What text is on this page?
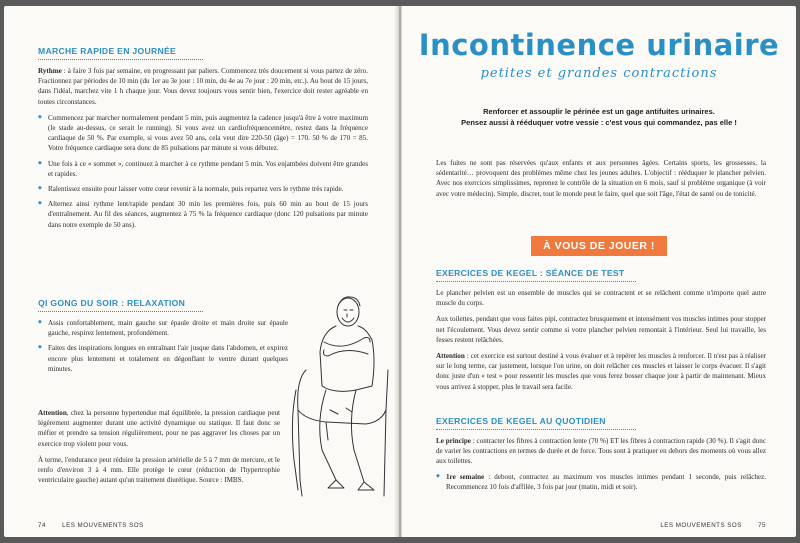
MARCHE RAPIDE EN JOURNÉE

Rythme : à faire 3 fois par semaine, en progressant par paliers. Commencez très doucement si vous partez de zéro. Fractionnez par périodes de 10 min (du 1er au 3e jour : 10 min, du 4e au 7e jour : 20 min, etc.). Au bout de 15 jours, dans l'idéal, marchez vite 1 h chaque jour. Vous devez toujours vous sentir bien, l'exercice doit rester agréable en toutes circonstances.

◆ Commencez par marcher normalement pendant 5 min, puis augmentez la cadence jusqu'à être à votre maximum (le stade au-dessus, ce serait le running). Si vous avez un cardiofréquencemètre, restez dans la fréquence cardiaque de 50 %. Par exemple, si vous avez 50 ans, cela veut dire 220-50 (âge) = 170. 50 % de 170 = 85. Votre fréquence cardiaque sera donc de 85 pulsations par minute si vous débutez.
◆ Une fois à ce « sommet », continuez à marcher à ce rythme pendant 5 min. Vos enjambées doivent être grandes et rapides.
◆ Ralentissez ensuite pour laisser votre cœur revenir à la normale, puis repartez vers le rythme très rapide.
◆ Alternez ainsi rythme lent/rapide pendant 30 min les premières fois, puis 60 min au bout de 15 jours d'entraînement. Au fil des séances, augmentez à 75 % la fréquence cardiaque (donc 120 pulsations par minute dans notre exemple de 50 ans).
QI GONG DU SOIR : RELAXATION
◆ Assis confortablement, main gauche sur épaule droite et main droite sur épaule gauche, respirez lentement, profondément.
◆ Faites des inspirations longues en entraînant l'air jusque dans l'abdomen, et expirez encore plus lentement et totalement en dégonflant le ventre durant quelques minutes.

Attention, chez la personne hypertendue mal équilibrée, la pression cardiaque peut légèrement augmenter durant une activité dynamique ou statique. Il faut donc se méfier et prendre sa tension régulièrement, pour ne pas aggraver les choses par un exercice trop violent pour vous.

À terme, l'endurance peut réduire la pression artérielle de 5 à 7 mm de mercure, et le renfo d'environ 3 à 4 mm. Elle protège le cœur (réduction de l'hypertrophie ventriculaire gauche) autant qu'un traitement diurétique. Source : IMBS.

74	LES MOUVEMENTS SOS
Incontinence urinaire
petites et grandes contractions
Renforcer et assouplir le périnée est un gage antifuites urinaires.
Pensez aussi à rééduquer votre vessie : c'est vous qui commandez, pas elle !

Les fuites ne sont pas réservées qu'aux enfants et aux personnes âgées. Certains sports, les grossesses, la sédentarité… provoquent des problèmes même chez les jeunes adultes. L'objectif : rééduquer le plancher pelvien. Avec nos exercices simplissimes, reprenez le contrôle de la situation en 6 mois, sauf si problème organique (à voir avec votre médecin). Simple, discret, tout le monde peut le faire, quel que soit l'âge, l'état de santé ou de tonicité.

À VOUS DE JOUER !
EXERCICES DE KEGEL : SÉANCE DE TEST

Le plancher pelvien est un ensemble de muscles qui se contractent et se relâchent comme n'importe quel autre muscle du corps.

Aux toilettes, pendant que vous faites pipi, contractez brusquement et intensément vos muscles intimes pour stopper net l'écoulement. Vous devez sentir comme si votre plancher pelvien remontait à l'intérieur. Seul lui travaille, les fesses restent relâchées.

Attention : cet exercice est surtout destiné à vous évaluer et à repérer les muscles à renforcer. Il n'est pas à réaliser sur le long terme, car justement, lorsque l'on urine, on doit relâcher ces muscles et laisser le corps évacuer. Il s'agit donc juste d'un « test » pour ressentir les muscles que vous ferez bosser chaque jour à partir de maintenant. Mieux vous arrivez à stopper, plus le travail sera facile.

EXERCICES DE KEGEL AU QUOTIDIEN

Le principe : contracter les fibres à contraction lente (70 %) ET les fibres à contraction rapide (30 %). Il s'agit donc de varier les contractions en termes de durée et de force. Tous sont à pratiquer en dehors des moments où vous allez aux toilettes.

◆ 1re semaine : debout, contractez au maximum vos muscles intimes pendant 1 seconde, puis relâchez. Recommencez 10 fois d'affilée, 3 fois par jour (matin, midi et soir).
LES MOUVEMENTS SOS	75
